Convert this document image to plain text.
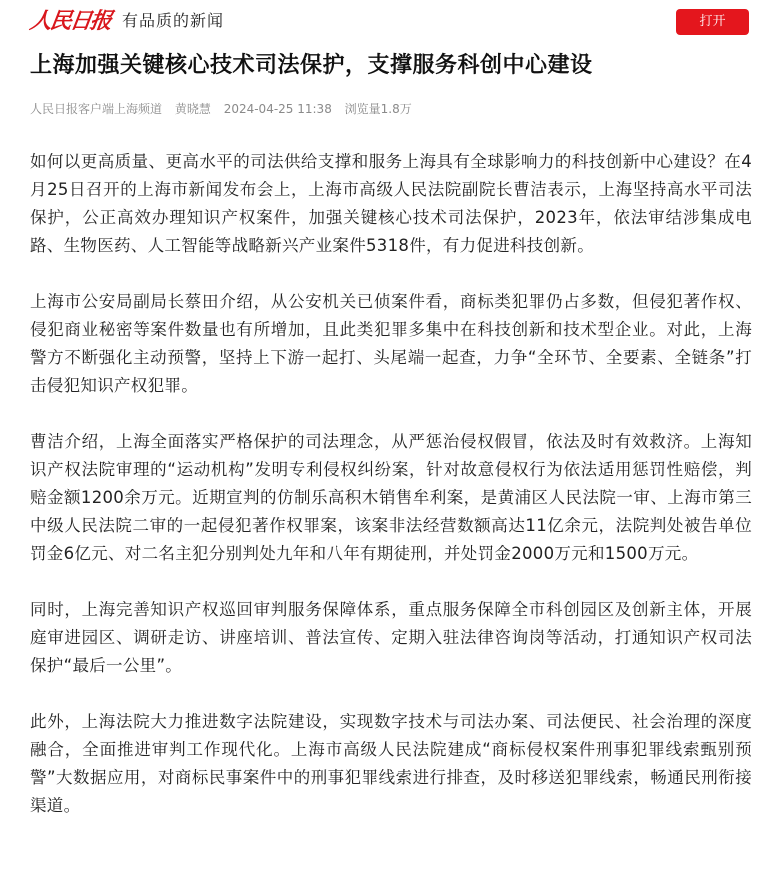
人民日报 有品质的新闻	打开
上海加强关键核心技术司法保护，支撑服务科创中心建设
人民日报客户端上海频道 黄晓慧 2024-04-25 11:38 浏览量1.8万

如何以更高质量、更高水平的司法供给支撑和服务上海具有全球影响力的科技创新中心建设？在4月25日召开的上海市新闻发布会上，上海市高级人民法院副院长曹洁表示，上海坚持高水平司法保护，公正高效办理知识产权案件，加强关键核心技术司法保护，2023年，依法审结涉集成电路、生物医药、人工智能等战略新兴产业案件5318件，有力促进科技创新。

上海市公安局副局长蔡田介绍，从公安机关已侦案件看，商标类犯罪仍占多数，但侵犯著作权、侵犯商业秘密等案件数量也有所增加，且此类犯罪多集中在科技创新和技术型企业。对此，上海警方不断强化主动预警，坚持上下游一起打、头尾端一起查，力争“全环节、全要素、全链条”打击侵犯知识产权犯罪。

曹洁介绍，上海全面落实严格保护的司法理念，从严惩治侵权假冒，依法及时有效救济。上海知识产权法院审理的“运动机构”发明专利侵权纠纷案，针对故意侵权行为依法适用惩罚性赔偿，判赔金额1200余万元。近期宣判的仿制乐高积木销售牟利案，是黄浦区人民法院一审、上海市第三中级人民法院二审的一起侵犯著作权罪案，该案非法经营数额高达11亿余元，法院判处被告单位罚金6亿元、对二名主犯分别判处九年和八年有期徒刑，并处罚金2000万元和1500万元。

同时，上海完善知识产权巡回审判服务保障体系，重点服务保障全市科创园区及创新主体，开展庭审进园区、调研走访、讲座培训、普法宣传、定期入驻法律咨询岗等活动，打通知识产权司法保护“最后一公里”。

此外，上海法院大力推进数字法院建设，实现数字技术与司法办案、司法便民、社会治理的深度融合，全面推进审判工作现代化。上海市高级人民法院建成“商标侵权案件刑事犯罪线索甄别预警”大数据应用，对商标民事案件中的刑事犯罪线索进行排查，及时移送犯罪线索，畅通民刑衔接渠道。
